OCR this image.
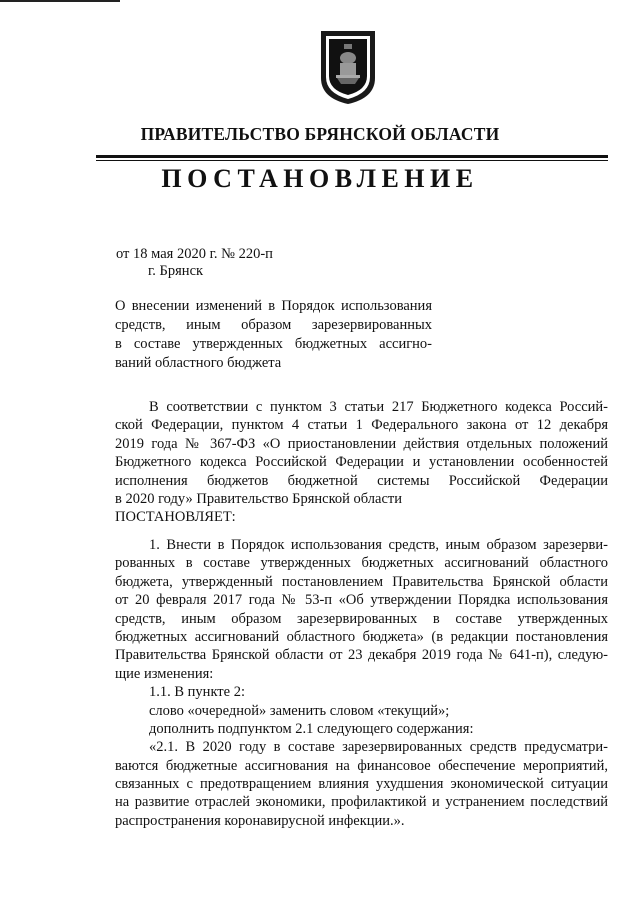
ПРАВИТЕЛЬСТВО БРЯНСКОЙ ОБЛАСТИ
ПОСТАНОВЛЕНИЕ
от 18 мая 2020 г. № 220-п
г. Брянск
О внесении изменений в Порядок использования
средств, иным образом зарезервированных
в составе утвержденных бюджетных ассигно-
ваний областного бюджета
В соответствии с пунктом 3 статьи 217 Бюджетного кодекса Россий-
ской Федерации, пунктом 4 статьи 1 Федерального закона от 12 декабря
2019 года № 367-ФЗ «О приостановлении действия отдельных положений
Бюджетного кодекса Российской Федерации и установлении особенностей
исполнения бюджетов бюджетной системы Российской Федерации
в 2020 году» Правительство Брянской области
ПОСТАНОВЛЯЕТ:
1. Внести в Порядок использования средств, иным образом зарезерви-
рованных в составе утвержденных бюджетных ассигнований областного
бюджета, утвержденный постановлением Правительства Брянской области
от 20 февраля 2017 года № 53-п «Об утверждении Порядка использования
средств, иным образом зарезервированных в составе утвержденных
бюджетных ассигнований областного бюджета» (в редакции постановления
Правительства Брянской области от 23 декабря 2019 года № 641-п), следую-
щие изменения:
1.1. В пункте 2:
слово «очередной» заменить словом «текущий»;
дополнить подпунктом 2.1 следующего содержания:
«2.1. В 2020 году в составе зарезервированных средств предусматри-
ваются бюджетные ассигнования на финансовое обеспечение мероприятий,
связанных с предотвращением влияния ухудшения экономической ситуации
на развитие отраслей экономики, профилактикой и устранением последствий
распространения коронавирусной инфекции.».
